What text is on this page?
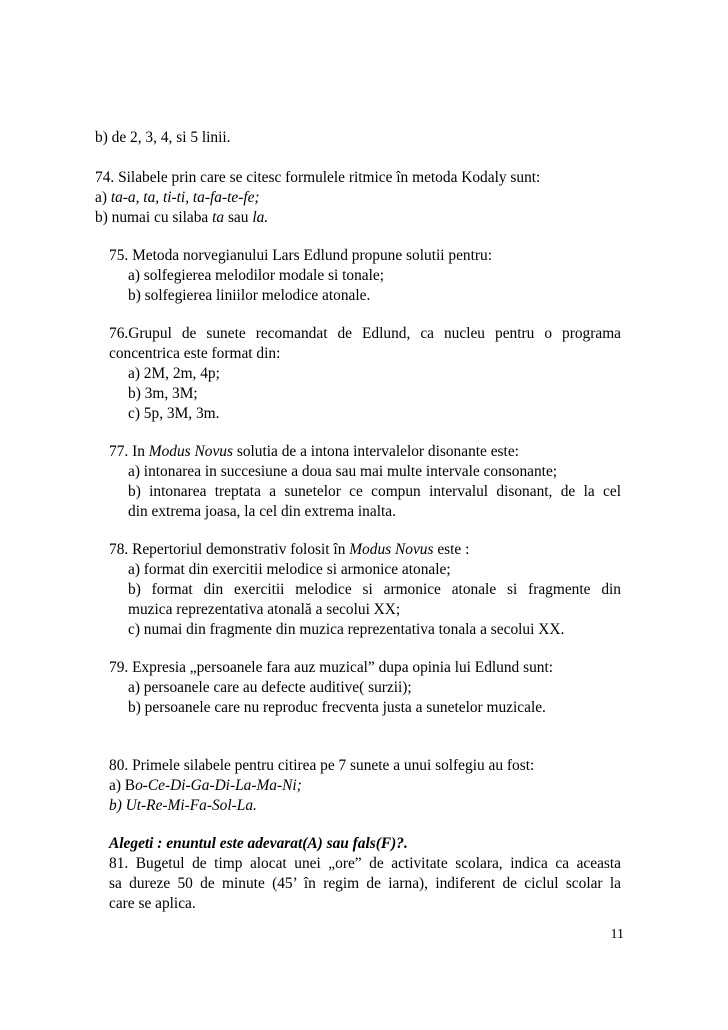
b) de 2, 3, 4, si 5 linii.
74. Silabele prin care se citesc formulele ritmice în metoda Kodaly sunt:
a) ta-a, ta, ti-ti, ta-fa-te-fe;
b) numai cu silaba ta sau la.
75. Metoda norvegianului Lars Edlund propune solutii pentru:
a) solfegierea melodilor modale si tonale;
b) solfegierea liniilor melodice atonale.
76.Grupul de sunete recomandat de Edlund, ca nucleu pentru o programa
concentrica este format din:
a) 2M, 2m, 4p;
b) 3m, 3M;
c) 5p, 3M, 3m.
77. In Modus Novus solutia de a intona intervalelor disonante este:
a) intonarea in succesiune a doua sau mai multe intervale consonante;
b) intonarea treptata a sunetelor ce compun intervalul disonant, de la cel
din extrema joasa, la cel din extrema inalta.
78. Repertoriul demonstrativ folosit în Modus Novus este :
a) format din exercitii melodice si armonice atonale;
b) format din exercitii melodice si armonice atonale si fragmente din
muzica reprezentativa atonală a secolui XX;
c) numai din fragmente din muzica reprezentativa tonala a secolui XX.
79. Expresia „persoanele fara auz muzical” dupa opinia lui Edlund sunt:
a) persoanele care au defecte auditive( surzii);
b) persoanele care nu reproduc frecventa justa a sunetelor muzicale.
80. Primele silabele pentru citirea pe 7 sunete a unui solfegiu au fost:
a) Bo-Ce-Di-Ga-Di-La-Ma-Ni;
b) Ut-Re-Mi-Fa-Sol-La.
Alegeti : enuntul este adevarat(A) sau fals(F)?.
81. Bugetul de timp alocat unei „ore” de activitate scolara, indica ca aceasta
sa dureze 50 de minute (45’ în regim de iarna), indiferent de ciclul scolar la
care se aplica.
11
